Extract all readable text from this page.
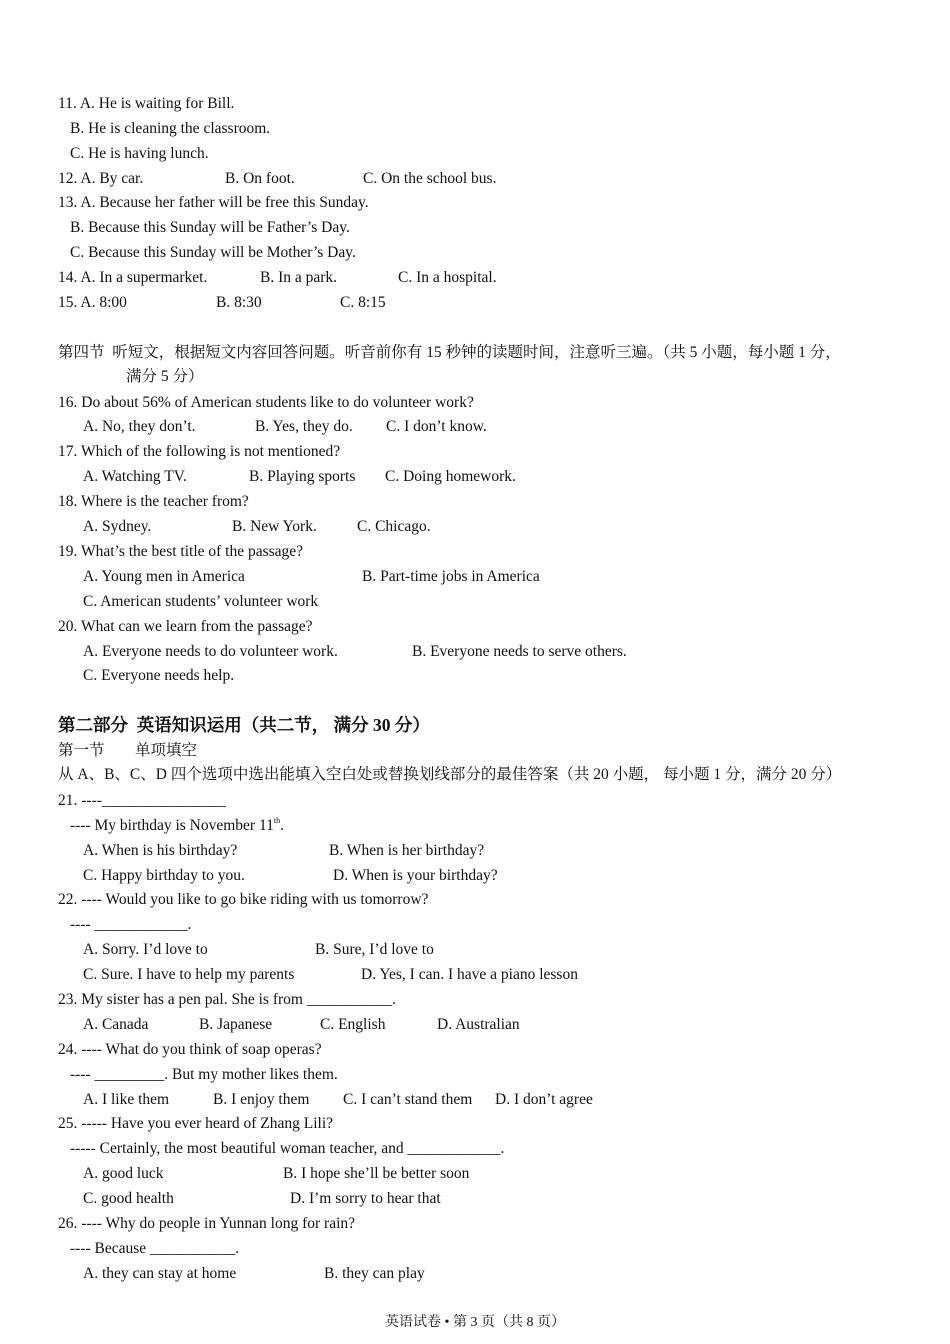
11. A. He is waiting for Bill.
B. He is cleaning the classroom.
C. He is having lunch.
12. A. By car.	B. On foot.	C. On the school bus.
13. A. Because her father will be free this Sunday.
B. Because this Sunday will be Father’s Day.
C. Because this Sunday will be Mother’s Day.
14. A. In a supermarket.	B. In a park.	C. In a hospital.
15. A. 8:00	B. 8:30	C. 8:15
第四节  听短文，根据短文内容回答问题。听音前你有 15 秒钟的读题时间，注意听三遍。（共 5 小题，每小题 1 分，
满分 5 分）
16. Do about 56% of American students like to do volunteer work?
A. No, they don’t.	B. Yes, they do. C. I don’t know.
17. Which of the following is not mentioned?
A. Watching TV.	B. Playing sports C. Doing homework.
18. Where is the teacher from?
A. Sydney.	B. New York.	C. Chicago.
19. What’s the best title of the passage?
A. Young men in America	B. Part-time jobs in America
C. American students’ volunteer work
20. What can we learn from the passage?
A. Everyone needs to do volunteer work.	B. Everyone needs to serve others.
C. Everyone needs help.
第二部分  英语知识运用（共二节， 满分 30 分）
第一节 单项填空
从 A、B、C、D 四个选项中选出能填入空白处或替换划线部分的最佳答案（共 20 小题， 每小题 1 分，满分 20 分）
21. ----________________
---- My birthday is November 11th.
A. When is his birthday?	B. When is her birthday?
C. Happy birthday to you.	D. When is your birthday?
22. ---- Would you like to go bike riding with us tomorrow?
---- ____________.
A. Sorry. I’d love to	B. Sure, I’d love to
C. Sure. I have to help my parents	D. Yes, I can. I have a piano lesson
23. My sister has a pen pal. She is from ___________.
A. Canada	B. Japanese	C. English	D. Australian
24. ---- What do you think of soap operas?
---- _________. But my mother likes them.
A. I like them	B. I enjoy them C. I can’t stand them D. I don’t agree
25. ----- Have you ever heard of Zhang Lili?
----- Certainly, the most beautiful woman teacher, and ____________.
A. good luck	B. I hope she’ll be better soon
C. good health	D. I’m sorry to hear that
26. ---- Why do people in Yunnan long for rain?
---- Because ___________.
A. they can stay at home	B. they can play
英语试卷 • 第 3 页（共 8 页）
